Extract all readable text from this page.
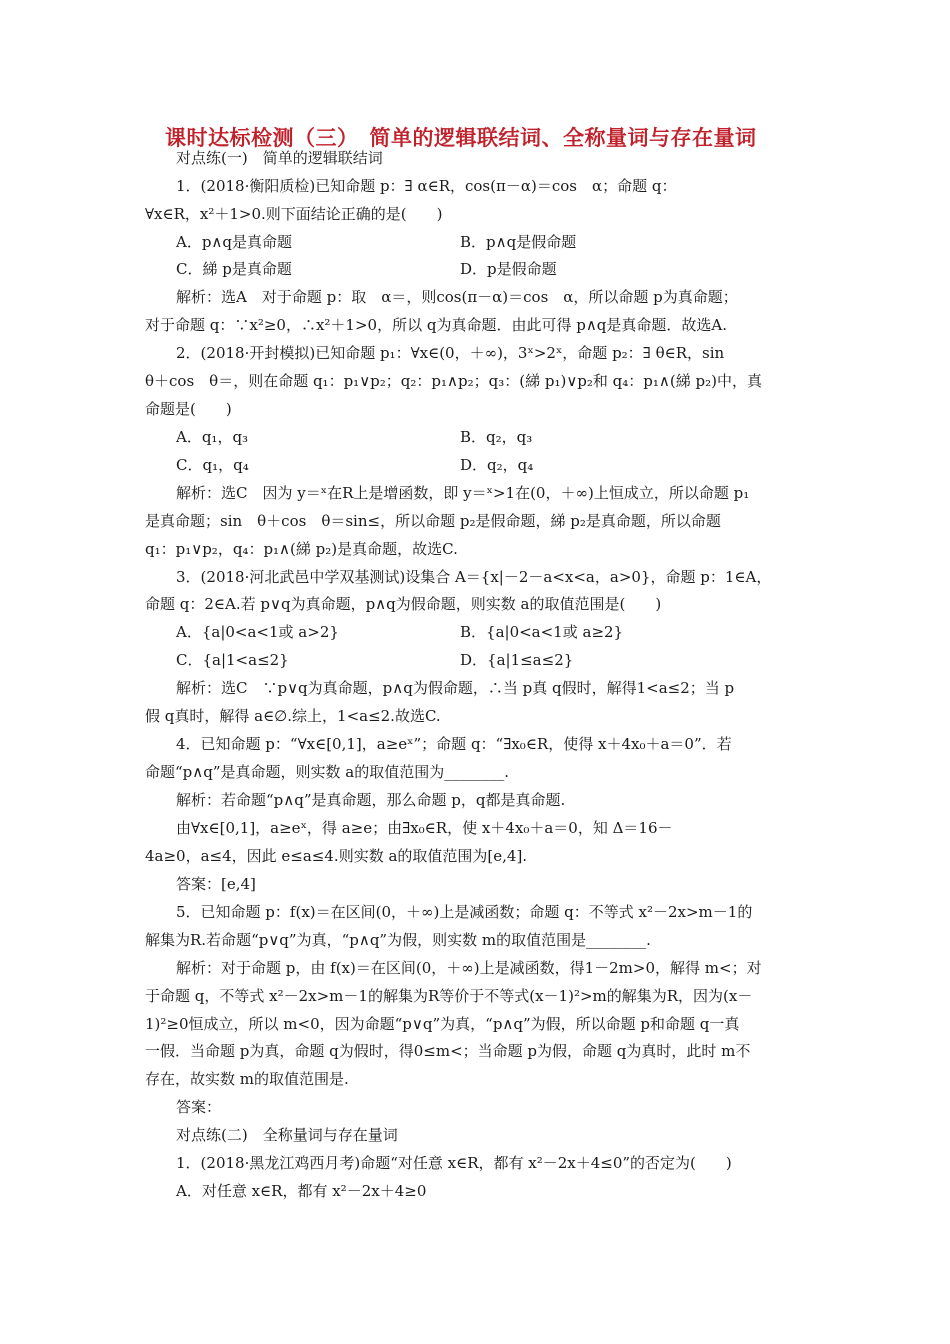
课时达标检测（三）　简单的逻辑联结词、全称量词与存在量词
对点练(一)　简单的逻辑联结词
1．(2018·衡阳质检)已知命题 p：∃ α∈R，cos(π－α)＝cos　α；命题 q：
∀x∈R，x²＋1>0.则下面结论正确的是(　　)
A．p∧q是真命题	B．p∧q是假命题
C．綈 p是真命题	D．p是假命题
解析：选A　对于命题 p：取　α＝，则cos(π－α)＝cos　α，所以命题 p为真命题；
对于命题 q：∵x²≥0，∴x²＋1>0，所以 q为真命题．由此可得 p∧q是真命题．故选A.
2．(2018·开封模拟)已知命题 p₁：∀x∈(0，＋∞)，3ˣ>2ˣ，命题 p₂：∃ θ∈R，sin
θ＋cos　θ＝，则在命题 q₁：p₁∨p₂；q₂：p₁∧p₂；q₃：(綈 p₁)∨p₂和 q₄：p₁∧(綈 p₂)中，真
命题是(　　)
A．q₁，q₃	B．q₂，q₃
C．q₁，q₄	D．q₂，q₄
解析：选C　因为 y＝ˣ在R上是增函数，即 y＝ˣ>1在(0，＋∞)上恒成立，所以命题 p₁
是真命题；sin　θ＋cos　θ＝sin≤，所以命题 p₂是假命题，綈 p₂是真命题，所以命题
q₁：p₁∨p₂，q₄：p₁∧(綈 p₂)是真命题，故选C.
3．(2018·河北武邑中学双基测试)设集合 A＝{x|－2－a<x<a，a>0}，命题 p：1∈A，
命题 q：2∈A.若 p∨q为真命题，p∧q为假命题，则实数 a的取值范围是(　　)
A．{a|0<a<1或 a>2}	B．{a|0<a<1或 a≥2}
C．{a|1<a≤2}	D．{a|1≤a≤2}
解析：选C　∵p∨q为真命题，p∧q为假命题，∴当 p真 q假时，解得1<a≤2；当 p
假 q真时，解得 a∈∅.综上，1<a≤2.故选C.
4．已知命题 p：“∀x∈[0,1]，a≥eˣ”；命题 q：“∃x₀∈R，使得 x＋4x₀＋a＝0”．若
命题“p∧q”是真命题，则实数 a的取值范围为________.
解析：若命题“p∧q”是真命题，那么命题 p，q都是真命题.
由∀x∈[0,1]，a≥eˣ，得 a≥e；由∃x₀∈R，使 x＋4x₀＋a＝0，知 Δ＝16－
4a≥0，a≤4，因此 e≤a≤4.则实数 a的取值范围为[e,4].
答案：[e,4]
5．已知命题 p：f(x)＝在区间(0，＋∞)上是减函数；命题 q：不等式 x²－2x>m－1的
解集为R.若命题“p∨q”为真，“p∧q”为假，则实数 m的取值范围是________.
解析：对于命题 p，由 f(x)＝在区间(0，＋∞)上是减函数，得1－2m>0，解得 m<；对
于命题 q，不等式 x²－2x>m－1的解集为R等价于不等式(x－1)²>m的解集为R，因为(x－
1)²≥0恒成立，所以 m<0，因为命题“p∨q”为真，“p∧q”为假，所以命题 p和命题 q一真
一假．当命题 p为真，命题 q为假时，得0≤m<；当命题 p为假，命题 q为真时，此时 m不
存在，故实数 m的取值范围是.
答案：
对点练(二)　全称量词与存在量词
1．(2018·黑龙江鸡西月考)命题“对任意 x∈R，都有 x²－2x＋4≤0”的否定为(　　)
A．对任意 x∈R，都有 x²－2x＋4≥0
